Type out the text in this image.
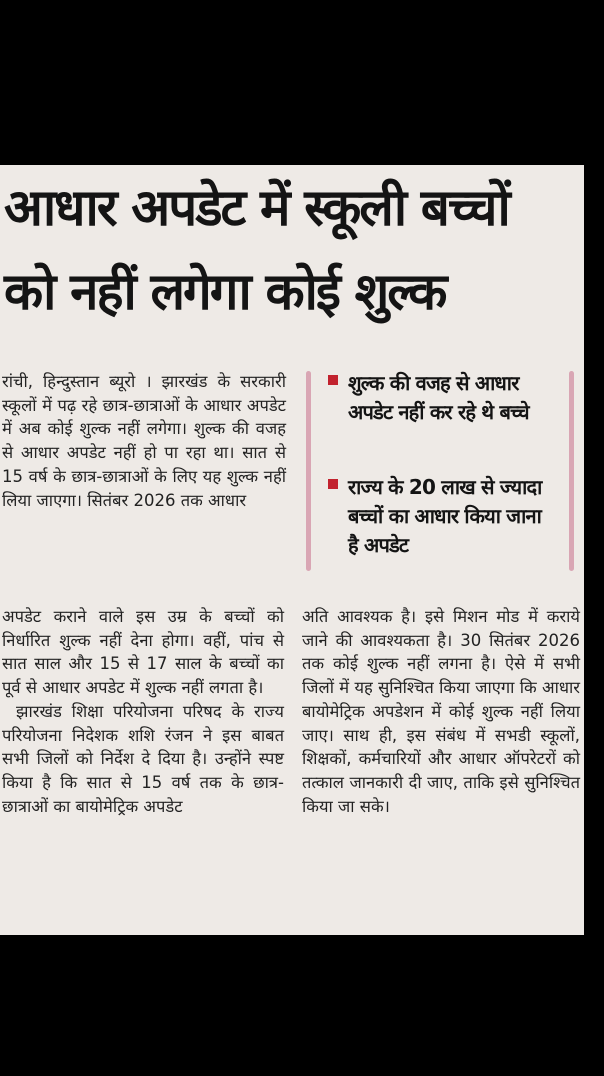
आधार अपडेट में स्कूली बच्चों
को नहीं लगेगा कोई शुल्क

रांची, हिन्दुस्तान ब्यूरो । झारखंड के सरकारी स्कूलों में पढ़ रहे छात्र-छात्राओं के आधार अपडेट में अब कोई शुल्क नहीं लगेगा। शुल्क की वजह से आधार अपडेट नहीं हो पा रहा था। सात से 15 वर्ष के छात्र-छात्राओं के लिए यह शुल्क नहीं लिया जाएगा। सितंबर 2026 तक आधार

शुल्क की वजह से आधार अपडेट नहीं कर रहे थे बच्चे
राज्य के 20 लाख से ज्यादा बच्चों का आधार किया जाना है अपडेट

अपडेट कराने वाले इस उम्र के बच्चों को निर्धारित शुल्क नहीं देना होगा। वहीं, पांच से सात साल और 15 से 17 साल के बच्चों का पूर्व से आधार अपडेट में शुल्क नहीं लगता है।

झारखंड शिक्षा परियोजना परिषद के राज्य परियोजना निदेशक शशि रंजन ने इस बाबत सभी जिलों को निर्देश दे दिया है। उन्होंने स्पष्ट किया है कि सात से 15 वर्ष तक के छात्र-छात्राओं का बायोमेट्रिक अपडेट

अति आवश्यक है। इसे मिशन मोड में कराये जाने की आवश्यकता है। 30 सितंबर 2026 तक कोई शुल्क नहीं लगना है। ऐसे में सभी जिलों में यह सुनिश्चित किया जाएगा कि आधार बायोमेट्रिक अपडेशन में कोई शुल्क नहीं लिया जाए। साथ ही, इस संबंध में सभडी स्कूलों, शिक्षकों, कर्मचारियों और आधार ऑपरेटरों को तत्काल जानकारी दी जाए, ताकि इसे सुनिश्चित किया जा सके।
